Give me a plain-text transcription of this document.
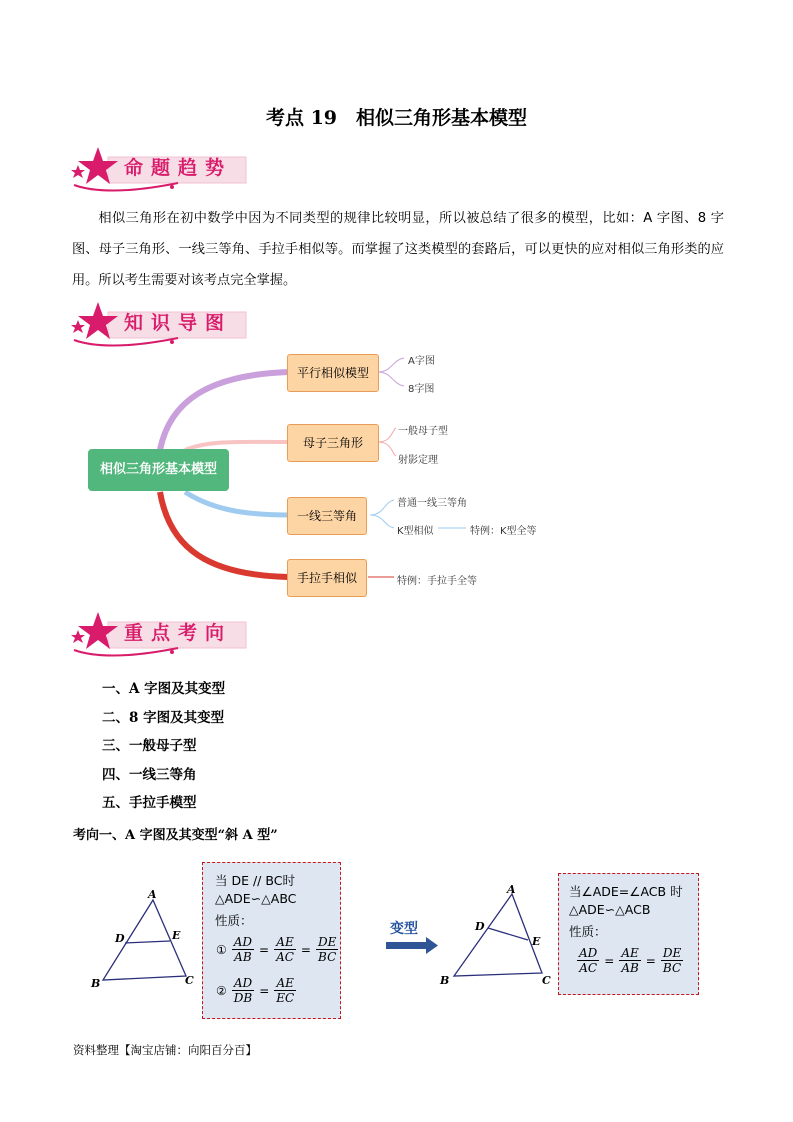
考点 19　相似三角形基本模型
命题趋势
相似三角形在初中数学中因为不同类型的规律比较明显，所以被总结了很多的模型，比如：A 字图、8 字图、母子三角形、一线三等角、手拉手相似等。而掌握了这类模型的套路后，可以更快的应对相似三角形类的应用。所以考生需要对该考点完全掌握。
知识导图
相似三角形基本模型
平行相似模型
母子三角形
一线三等角
手拉手相似
A字图
8字图
一般母子型
射影定理
普通一线三等角
K型相似	特例：K型全等
特例：手拉手全等
重点考向
一、A 字图及其变型
二、8 字图及其变型
三、一般母子型
四、一线三等角
五、手拉手模型
考向一、A 字图及其变型“斜 A 型”
A
D	E
B	C
当 DE // BC时
△ADE∽△ABC
性质：
① $\frac{AD}{AB} = \frac{AE}{AC} = \frac{DE}{BC}$
② $\frac{AD}{DB} = \frac{AE}{EC}$
变型
A
D
E
B	C
当∠ADE=∠ACB 时
△ADE∽△ACB
性质：
$\frac{AD}{AC} = \frac{AE}{AB} = \frac{DE}{BC}$
资料整理【淘宝店铺：向阳百分百】
